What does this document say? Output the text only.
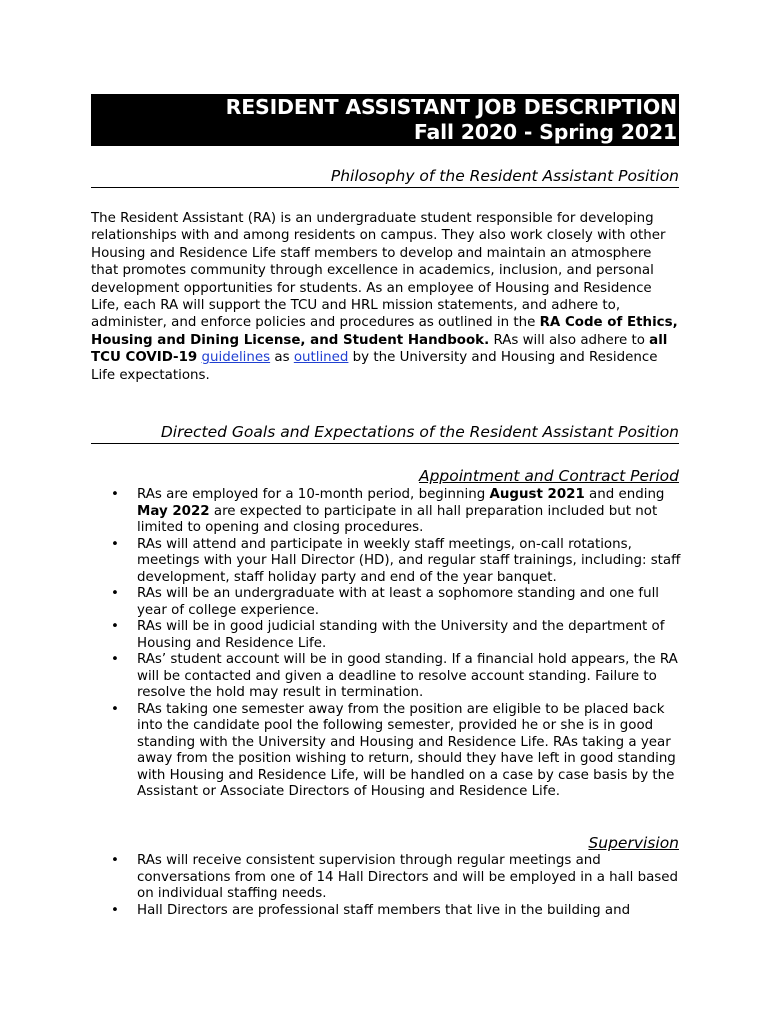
RESIDENT ASSISTANT JOB DESCRIPTION
Fall 2020 - Spring 2021
Philosophy of the Resident Assistant Position

The Resident Assistant (RA) is an undergraduate student responsible for developing relationships with and among residents on campus. They also work closely with other Housing and Residence Life staff members to develop and maintain an atmosphere that promotes community through excellence in academics, inclusion, and personal development opportunities for students. As an employee of Housing and Residence Life, each RA will support the TCU and HRL mission statements, and adhere to, administer, and enforce policies and procedures as outlined in the RA Code of Ethics, Housing and Dining License, and Student Handbook. RAs will also adhere to all TCU COVID-19 guidelines as outlined by the University and Housing and Residence Life expectations.

Directed Goals and Expectations of the Resident Assistant Position
Appointment and Contract Period
• RAs are employed for a 10-month period, beginning August 2021 and ending May 2022 are expected to participate in all hall preparation included but not limited to opening and closing procedures.
• RAs will attend and participate in weekly staff meetings, on-call rotations, meetings with your Hall Director (HD), and regular staff trainings, including: staff development, staff holiday party and end of the year banquet.
• RAs will be an undergraduate with at least a sophomore standing and one full year of college experience.
• RAs will be in good judicial standing with the University and the department of Housing and Residence Life.
• RAs’ student account will be in good standing. If a financial hold appears, the RA will be contacted and given a deadline to resolve account standing. Failure to resolve the hold may result in termination.
• RAs taking one semester away from the position are eligible to be placed back into the candidate pool the following semester, provided he or she is in good standing with the University and Housing and Residence Life. RAs taking a year away from the position wishing to return, should they have left in good standing with Housing and Residence Life, will be handled on a case by case basis by the Assistant or Associate Directors of Housing and Residence Life.
Supervision
• RAs will receive consistent supervision through regular meetings and conversations from one of 14 Hall Directors and will be employed in a hall based on individual staffing needs.
• Hall Directors are professional staff members that live in the building and
